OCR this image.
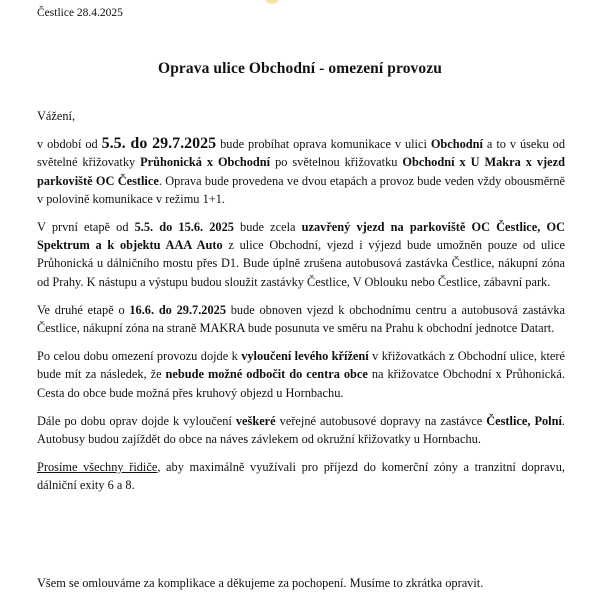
Čestlice 28.4.2025
Oprava ulice Obchodní - omezení provozu

Vážení,

v období od 5.5. do 29.7.2025 bude probíhat oprava komunikace v ulici Obchodní a to v úseku od světelné křižovatky Průhonická x Obchodní po světelnou křižovatku Obchodní x U Makra x vjezd parkoviště OC Čestlice. Oprava bude provedena ve dvou etapách a provoz bude veden vždy obousměrně v polovině komunikace v režimu 1+1.

V první etapě od 5.5. do 15.6. 2025 bude zcela uzavřený vjezd na parkoviště OC Čestlice, OC Spektrum a k objektu AAA Auto z ulice Obchodní, vjezd i výjezd bude umožněn pouze od ulice Průhonická u dálničního mostu přes D1. Bude úplně zrušena autobusová zastávka Čestlice, nákupní zóna od Prahy. K nástupu a výstupu budou sloužit zastávky Čestlice, V Oblouku nebo Čestlice, zábavní park.

Ve druhé etapě o 16.6. do 29.7.2025 bude obnoven vjezd k obchodnímu centru a autobusová zastávka Čestlice, nákupní zóna na straně MAKRA bude posunuta ve směru na Prahu k obchodní jednotce Datart.

Po celou dobu omezení provozu dojde k vyloučení levého křížení v křižovatkách z Obchodní ulice, které bude mít za následek, že nebude možné odbočit do centra obce na křižovatce Obchodní x Průhonická. Cesta do obce bude možná přes kruhový objezd u Hornbachu.

Dále po dobu oprav dojde k vyloučení veškeré veřejné autobusové dopravy na zastávce Čestlice, Polní. Autobusy budou zajíždět do obce na náves závlekem od okružní křižovatky u Hornbachu.

Prosíme všechny řidiče, aby maximálně využívali pro příjezd do komerční zóny a tranzitní dopravu, dálniční exity 6 a 8.

Všem se omlouváme za komplikace a děkujeme za pochopení. Musíme to zkrátka opravit.
